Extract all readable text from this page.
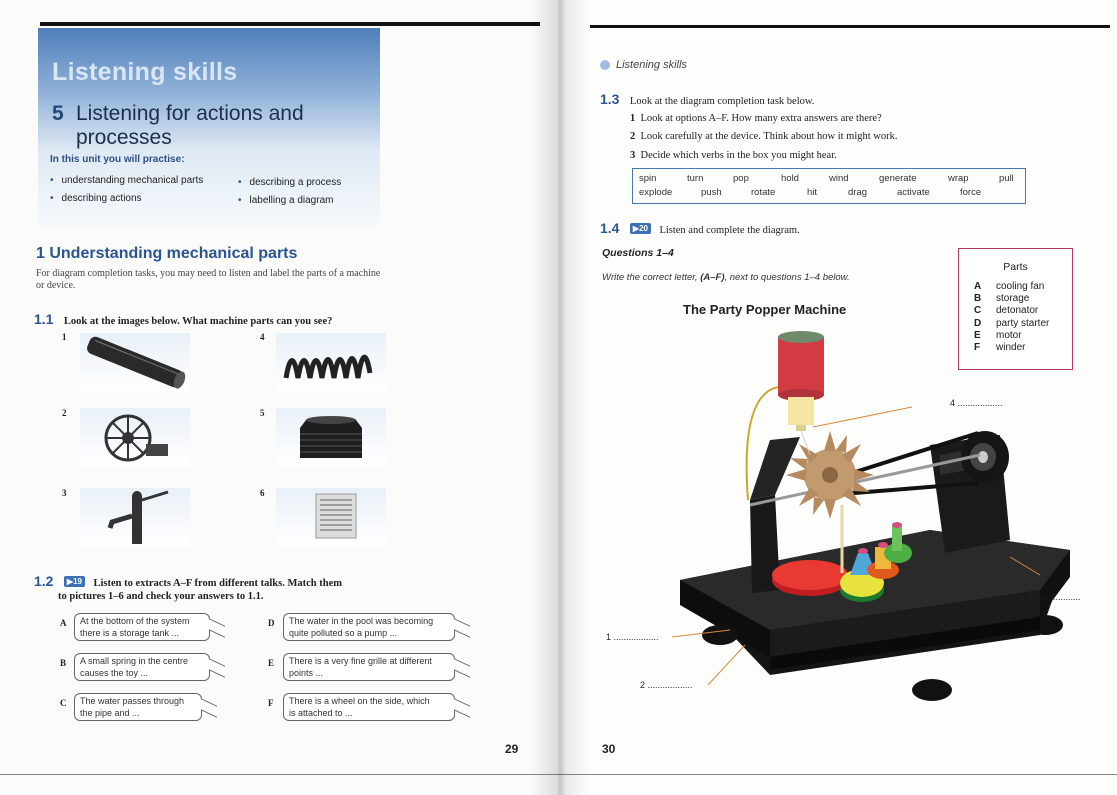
Listening skills
5 Listening for actions and processes
In this unit you will practise:
• understanding mechanical parts	• describing a process
• describing actions	• labelling a diagram
1 Understanding mechanical parts
For diagram completion tasks, you may need to listen and label the parts of a machine or device.
1.1 Look at the images below. What machine parts can you see?
1	4
2	5
3	6
1.2 ▶19 Listen to extracts A–F from different talks. Match them
to pictures 1–6 and check your answers to 1.1.
A At the bottom of the system
there is a storage tank ...
B A small spring in the centre
causes the toy ...
C The water passes through
the pipe and ...
D The water in the pool was becoming
quite polluted so a pump ...
E There is a very fine grille at different
points ...
F There is a wheel on the side, which
is attached to ...
29
Listening skills
1.3 Look at the diagram completion task below.
1 Look at options A–F. How many extra answers are there?
2 Look carefully at the device. Think about how it might work.
3 Decide which verbs in the box you might hear.
spin	turn	pop	hold	wind	generate	wrap	pull
explode	push	rotate	hit	drag	activate	force
1.4 ▶20 Listen and complete the diagram.
Questions 1–4
Write the correct letter, (A–F), next to questions 1–4 below.
The Party Popper Machine
Parts
A cooling fan
B storage
C detonator
D party starter
E motor
F winder
1 ..................
2 ..................
3 ..................
4 ..................
30
